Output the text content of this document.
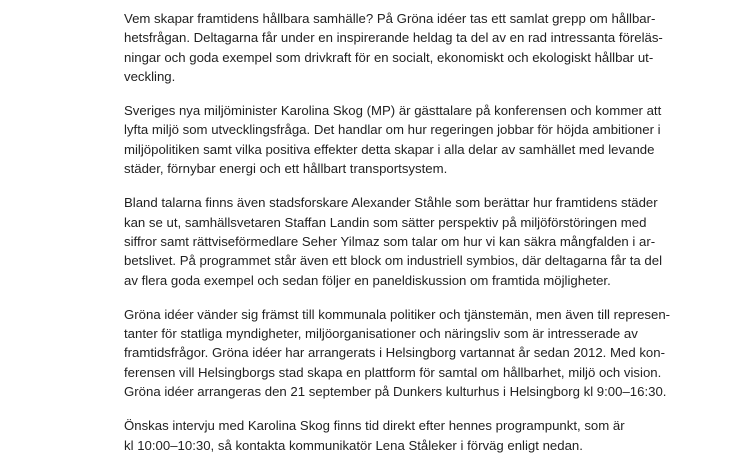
Vem skapar framtidens hållbara samhälle? På Gröna idéer tas ett samlat grepp om hållbar-
hetsfrågan. Deltagarna får under en inspirerande heldag ta del av en rad intressanta föreläs-
ningar och goda exempel som drivkraft för en socialt, ekonomiskt och ekologiskt hållbar ut-
veckling.

Sveriges nya miljöminister Karolina Skog (MP) är gästtalare på konferensen och kommer att
lyfta miljö som utvecklingsfråga. Det handlar om hur regeringen jobbar för höjda ambitioner i
miljöpolitiken samt vilka positiva effekter detta skapar i alla delar av samhället med levande
städer, förnybar energi och ett hållbart transportsystem.

Bland talarna finns även stadsforskare Alexander Ståhle som berättar hur framtidens städer
kan se ut, samhällsvetaren Staffan Landin som sätter perspektiv på miljöförstöringen med
siffror samt rättviseförmedlare Seher Yilmaz som talar om hur vi kan säkra mångfalden i ar-
betslivet. På programmet står även ett block om industriell symbios, där deltagarna får ta del
av flera goda exempel och sedan följer en paneldiskussion om framtida möjligheter.

Gröna idéer vänder sig främst till kommunala politiker och tjänstemän, men även till represen-
tanter för statliga myndigheter, miljöorganisationer och näringsliv som är intresserade av
framtidsfrågor. Gröna idéer har arrangerats i Helsingborg vartannat år sedan 2012. Med kon-
ferensen vill Helsingborgs stad skapa en plattform för samtal om hållbarhet, miljö och vision.
Gröna idéer arrangeras den 21 september på Dunkers kulturhus i Helsingborg kl 9:00–16:30.

Önskas intervju med Karolina Skog finns tid direkt efter hennes programpunkt, som är
kl 10:00–10:30, så kontakta kommunikatör Lena Ståleker i förväg enligt nedan.
